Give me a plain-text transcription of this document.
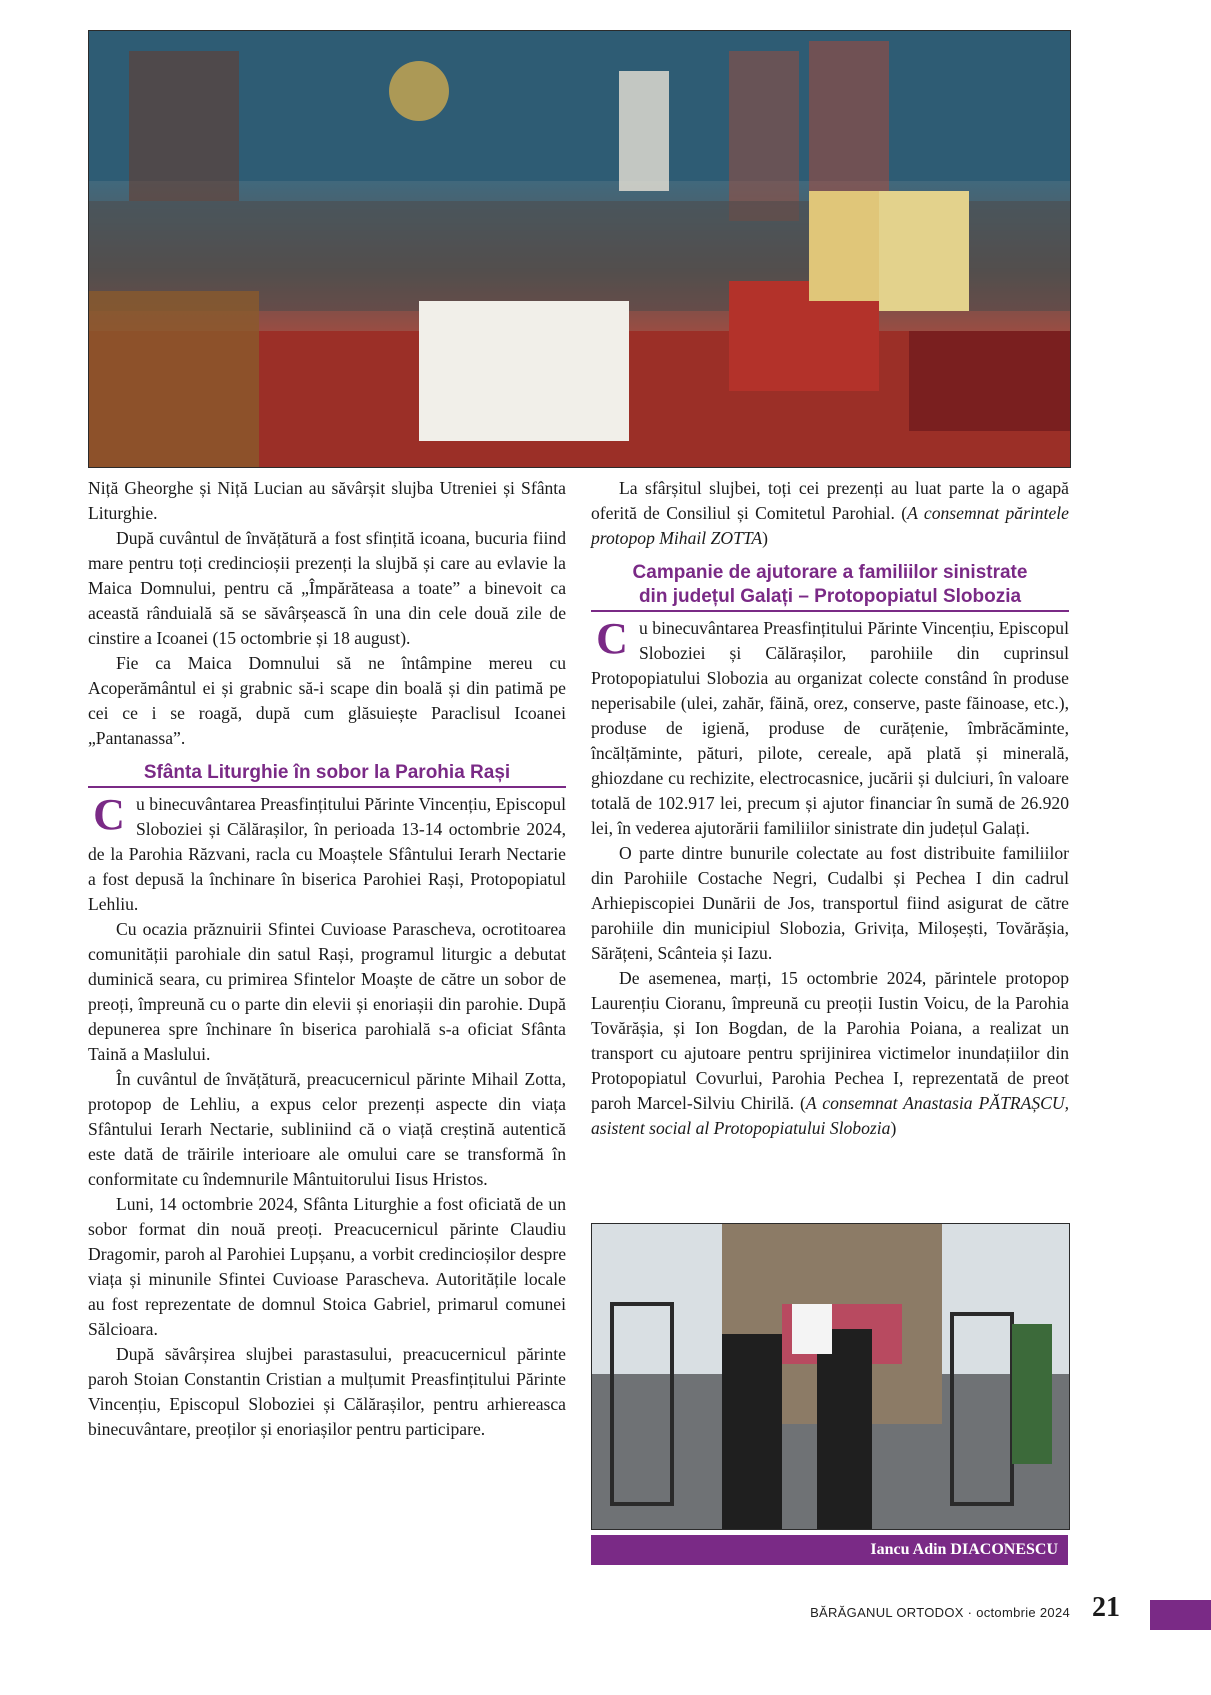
Niță Gheorghe și Niță Lucian au săvârșit slujba Utreniei și Sfânta Liturghie.

După cuvântul de învățătură a fost sfințită icoana, bucuria fiind mare pentru toți credincioșii prezenți la slujbă și care au evlavie la Maica Domnului, pentru că „Împărăteasa a toate” a binevoit ca această rânduială să se săvârșească în una din cele două zile de cinstire a Icoanei (15 octombrie și 18 august).

Fie ca Maica Domnului să ne întâmpine mereu cu Acoperământul ei și grabnic să-i scape din boală și din patimă pe cei ce i se roagă, după cum glăsuiește Paraclisul Icoanei „Pantanassa”.

Sfânta Liturghie în sobor la Parohia Rași

Cu binecuvântarea Preasfințitului Părinte Vincențiu, Episcopul Sloboziei și Călărașilor, în perioada 13-14 octombrie 2024, de la Parohia Răzvani, racla cu Moaștele Sfântului Ierarh Nectarie a fost depusă la închinare în biserica Parohiei Rași, Protopopiatul Lehliu.

Cu ocazia prăznuirii Sfintei Cuvioase Parascheva, ocrotitoarea comunității parohiale din satul Rași, programul liturgic a debutat duminică seara, cu primirea Sfintelor Moaște de către un sobor de preoți, împreună cu o parte din elevii și enoriașii din parohie. După depunerea spre închinare în biserica parohială s-a oficiat Sfânta Taină a Maslului.

În cuvântul de învățătură, preacucernicul părinte Mihail Zotta, protopop de Lehliu, a expus celor prezenți aspecte din viața Sfântului Ierarh Nectarie, subliniind că o viață creștină autentică este dată de trăirile interioare ale omului care se transformă în conformitate cu îndemnurile Mântuitorului Iisus Hristos.

Luni, 14 octombrie 2024, Sfânta Liturghie a fost oficiată de un sobor format din nouă preoți. Preacucernicul părinte Claudiu Dragomir, paroh al Parohiei Lupșanu, a vorbit credincioșilor despre viața și minunile Sfintei Cuvioase Parascheva. Autoritățile locale au fost reprezentate de domnul Stoica Gabriel, primarul comunei Sălcioara.

După săvârșirea slujbei parastasului, preacucernicul părinte paroh Stoian Constantin Cristian a mulțumit Preasfințitului Părinte Vincențiu, Episcopul Sloboziei și Călărașilor, pentru arhiereasca binecuvântare, preoților și enoriașilor pentru participare.

La sfârșitul slujbei, toți cei prezenți au luat parte la o agapă oferită de Consiliul și Comitetul Parohial. (A consemnat părintele protopop Mihail ZOTTA)

Campanie de ajutorare a familiilor sinistrate
din județul Galați – Protopopiatul Slobozia

Cu binecuvântarea Preasfințitului Părinte Vincențiu, Episcopul Sloboziei și Călărașilor, parohiile din cuprinsul Protopopiatului Slobozia au organizat colecte constând în produse neperisabile (ulei, zahăr, făină, orez, conserve, paste făinoase, etc.), produse de igienă, produse de curățenie, îmbrăcăminte, încălțăminte, pături, pilote, cereale, apă plată și minerală, ghiozdane cu rechizite, electrocasnice, jucării și dulciuri, în valoare totală de 102.917 lei, precum și ajutor financiar în sumă de 26.920 lei, în vederea ajutorării familiilor sinistrate din județul Galați.

O parte dintre bunurile colectate au fost distribuite familiilor din Parohiile Costache Negri, Cudalbi și Pechea I din cadrul Arhiepiscopiei Dunării de Jos, transportul fiind asigurat de către parohiile din municipiul Slobozia, Grivița, Miloșești, Tovărășia, Sărățeni, Scânteia și Iazu.

De asemenea, marți, 15 octombrie 2024, părintele protopop Laurențiu Cioranu, împreună cu preoții Iustin Voicu, de la Parohia Tovărășia, și Ion Bogdan, de la Parohia Poiana, a realizat un transport cu ajutoare pentru sprijinirea victimelor inundațiilor din Protopopiatul Covurlui, Parohia Pechea I, reprezentată de preot paroh Marcel-Silviu Chirilă. (A consemnat Anastasia PĂTRAȘCU, asistent social al Protopopiatului Slobozia)

Iancu Adin DIACONESCU
BĂRĂGANUL ORTODOX · octombrie 2024 21
